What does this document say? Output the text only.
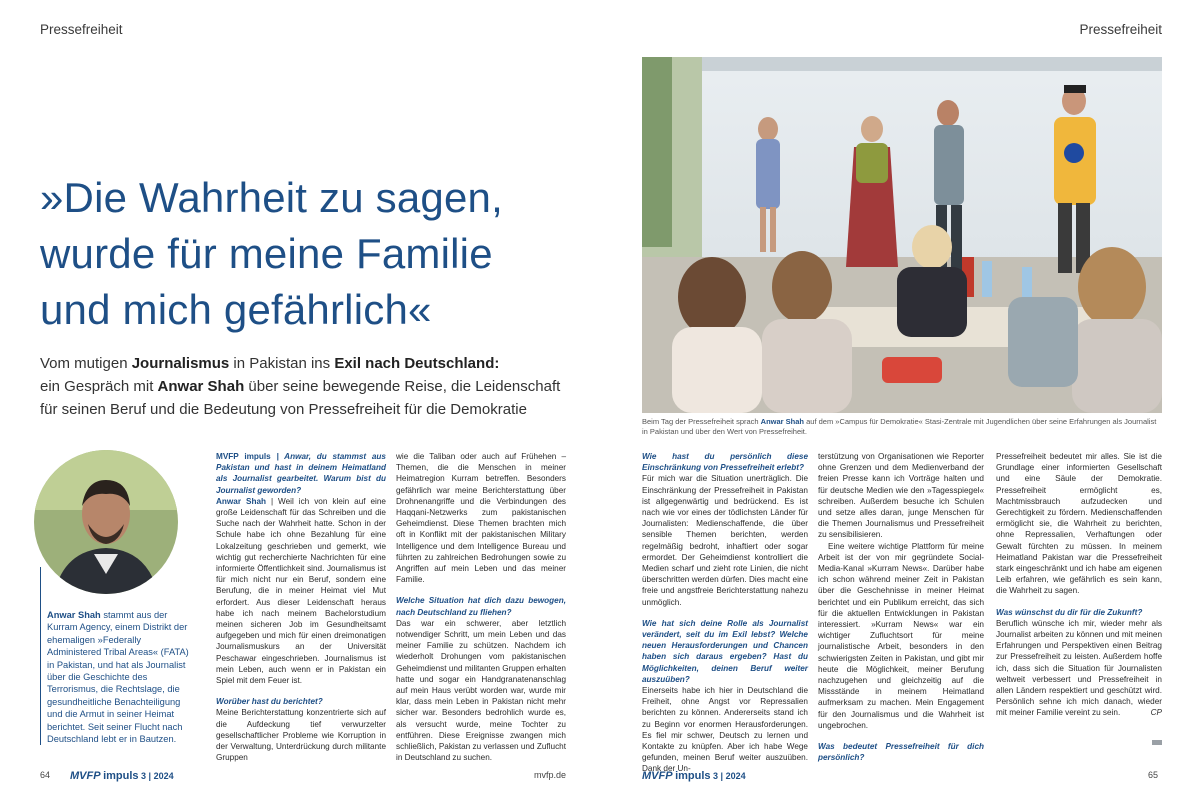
Pressefreiheit	Pressefreiheit
»Die Wahrheit zu sagen,
wurde für meine Familie
und mich gefährlich«
Vom mutigen Journalismus in Pakistan ins Exil nach Deutschland:
ein Gespräch mit Anwar Shah über seine bewegende Reise, die Leidenschaft
für seinen Beruf und die Bedeutung von Pressefreiheit für die Demokratie
Beim Tag der Pressefreiheit sprach Anwar Shah auf dem »Campus für Demokratie« Stasi-Zentrale mit Jugendlichen über seine Erfahrungen als Journalist in Pakistan und über den Wert von Pressefreiheit.
Anwar Shah stammt aus der Kurram Agency, einem Distrikt der ehemaligen »Federally Administered Tribal Areas« (FATA) in Pakistan, und hat als Journalist über die Geschichte des Terrorismus, die Rechtslage, die gesundheitliche Benachteiligung und die Armut in seiner Heimat berichtet. Seit seiner Flucht nach Deutschland lebt er in Bautzen.

MVFP impuls | Anwar, du stammst aus Pakistan und hast in deinem Heimatland als Journalist gearbeitet. Warum bist du Journalist geworden?

Anwar Shah | Weil ich von klein auf eine große Leidenschaft für das Schreiben und die Suche nach der Wahrheit hatte. Schon in der Schule habe ich ohne Bezahlung für eine Lokalzeitung geschrieben und gemerkt, wie wichtig gut recherchierte Nachrichten für eine informierte Öffentlichkeit sind. Journalismus ist für mich nicht nur ein Beruf, sondern eine Berufung, die in meiner Heimat viel Mut erfordert. Aus dieser Leidenschaft heraus habe ich nach meinem Bachelorstudium meinen sicheren Job im Gesundheitsamt aufgegeben und mich für einen dreimonatigen Journalismuskurs an der Universität Peschawar eingeschrieben. Journalismus ist mein Leben, auch wenn er in Pakistan ein Spiel mit dem Feuer ist.

Worüber hast du berichtet?

Meine Berichterstattung konzentrierte sich auf die Aufdeckung tief verwurzelter gesellschaftlicher Probleme wie Korruption in der Verwaltung, Unterdrückung durch militante Gruppen

wie die Taliban oder auch auf Frühehen – Themen, die die Menschen in meiner Heimatregion Kurram betreffen. Besonders gefährlich war meine Berichterstattung über Drohnenangriffe und die Verbindungen des Haqqani-Netzwerks zum pakistanischen Geheimdienst. Diese Themen brachten mich oft in Konflikt mit der pakistanischen Military Intelligence und dem Intelligence Bureau und führten zu zahlreichen Bedrohungen sowie zu Angriffen auf mein Leben und das meiner Familie.

Welche Situation hat dich dazu bewogen, nach Deutschland zu fliehen?

Das war ein schwerer, aber letztlich notwendiger Schritt, um mein Leben und das meiner Familie zu schützen. Nachdem ich wiederholt Drohungen vom pakistanischen Geheimdienst und militanten Gruppen erhalten hatte und sogar ein Handgranatenanschlag auf mein Haus verübt worden war, wurde mir klar, dass mein Leben in Pakistan nicht mehr sicher war. Besonders bedrohlich wurde es, als versucht wurde, meine Tochter zu entführen. Diese Ereignisse zwangen mich schließlich, Pakistan zu verlassen und Zuflucht in Deutschland zu suchen.

Wie hast du persönlich diese Einschränkung von Pressefreiheit erlebt?

Für mich war die Situation unerträglich. Die Einschränkung der Pressefreiheit in Pakistan ist allgegenwärtig und bedrückend. Es ist nach wie vor eines der tödlichsten Länder für Journalisten: Medienschaffende, die über sensible Themen berichten, werden regelmäßig bedroht, inhaftiert oder sogar ermordet. Der Geheimdienst kontrolliert die Medien scharf und zieht rote Linien, die nicht überschritten werden dürfen. Dies macht eine freie und angstfreie Berichterstattung nahezu unmöglich.

Wie hat sich deine Rolle als Journalist verändert, seit du im Exil lebst? Welche neuen Herausforderungen und Chancen haben sich daraus ergeben? Hast du Möglichkeiten, deinen Beruf weiter auszuüben?

Einerseits habe ich hier in Deutschland die Freiheit, ohne Angst vor Repressalien berichten zu können. Andererseits stand ich zu Beginn vor enormen Herausforderungen. Es fiel mir schwer, Deutsch zu lernen und Kontakte zu knüpfen. Aber ich habe Wege gefunden, meinen Beruf weiter auszuüben. Dank der Un-

terstützung von Organisationen wie Reporter ohne Grenzen und dem Medienverband der freien Presse kann ich Vorträge halten und für deutsche Medien wie den »Tagesspiegel« schreiben. Außerdem besuche ich Schulen und setze alles daran, junge Menschen für die Themen Journalismus und Pressefreiheit zu sensibilisieren.

Eine weitere wichtige Plattform für meine Arbeit ist der von mir gegründete Social-Media-Kanal »Kurram News«. Darüber habe ich schon während meiner Zeit in Pakistan über die Geschehnisse in meiner Heimat berichtet und ein Publikum erreicht, das sich für die aktuellen Entwicklungen in Pakistan interessiert. »Kurram News« war ein wichtiger Zufluchtsort für meine journalistische Arbeit, besonders in den schwierigsten Zeiten in Pakistan, und gibt mir heute die Möglichkeit, meiner Berufung nachzugehen und gleichzeitig auf die Missstände in meinem Heimatland aufmerksam zu machen. Mein Engagement für den Journalismus und die Wahrheit ist ungebrochen.

Was bedeutet Pressefreiheit für dich persönlich?

Pressefreiheit bedeutet mir alles. Sie ist die Grundlage einer informierten Gesellschaft und eine Säule der Demokratie. Pressefreiheit ermöglicht es, Machtmissbrauch aufzudecken und Gerechtigkeit zu fördern. Medienschaffenden ermöglicht sie, die Wahrheit zu berichten, ohne Repressalien, Verhaftungen oder Gewalt fürchten zu müssen. In meinem Heimatland Pakistan war die Pressefreiheit stark eingeschränkt und ich habe am eigenen Leib erfahren, wie gefährlich es sein kann, die Wahrheit zu sagen.

Was wünschst du dir für die Zukunft?

Beruflich wünsche ich mir, wieder mehr als Journalist arbeiten zu können und mit meinen Erfahrungen und Perspektiven einen Beitrag zur Pressefreiheit zu leisten. Außerdem hoffe ich, dass sich die Situation für Journalisten weltweit verbessert und Pressefreiheit in allen Ländern respektiert und geschützt wird. Persönlich sehne ich mich danach, wieder mit meiner Familie vereint zu sein.	CP

64 MVFP impuls 3 | 2024	mvfp.de	MVFP impuls 3 | 2024	65
